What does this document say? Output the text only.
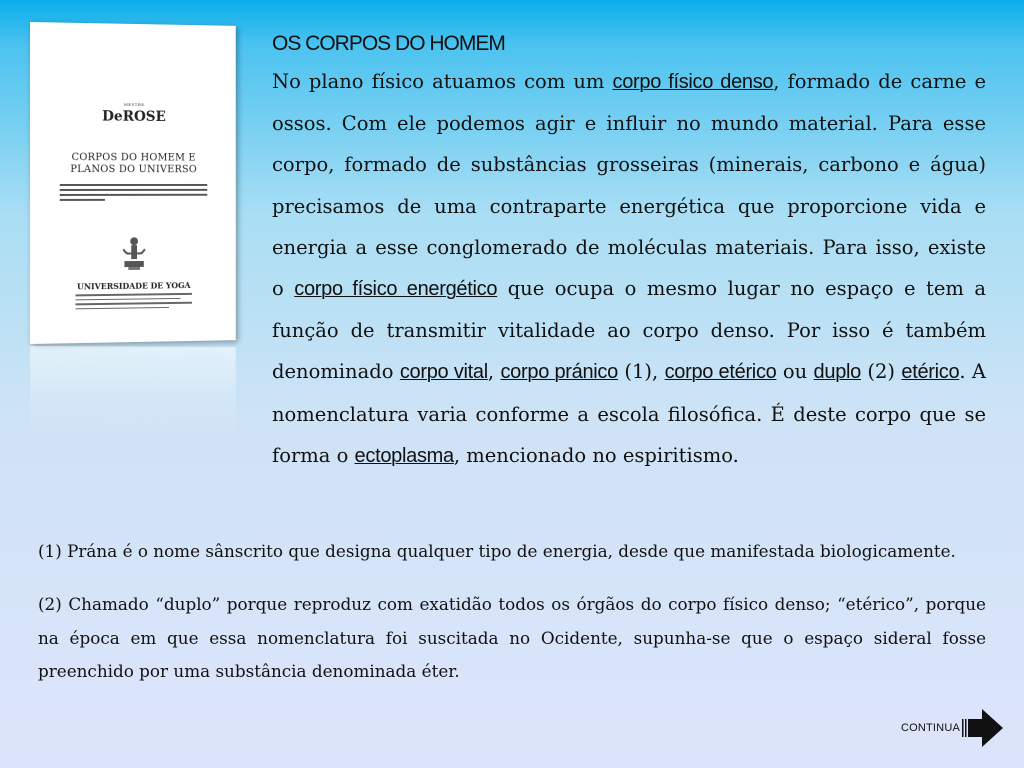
MESTRE
DeROSE
CORPOS DO HOMEM E PLANOS DO UNIVERSO
UNIVERSIDADE DE YOGA
OS CORPOS DO HOMEM

No plano físico atuamos com um corpo físico denso, formado de carne e ossos. Com ele podemos agir e influir no mundo material. Para esse corpo, formado de substâncias grosseiras (minerais, carbono e água) precisamos de uma contraparte energética que proporcione vida e energia a esse conglomerado de moléculas materiais. Para isso, existe o corpo físico energético que ocupa o mesmo lugar no espaço e tem a função de transmitir vitalidade ao corpo denso. Por isso é também denominado corpo vital, corpo pránico (1), corpo etérico ou duplo (2) etérico. A nomenclatura varia conforme a escola filosófica. É deste corpo que se forma o ectoplasma, mencionado no espiritismo.

(1) Prána é o nome sânscrito que designa qualquer tipo de energia, desde que manifestada biologicamente.

(2) Chamado “duplo” porque reproduz com exatidão todos os órgãos do corpo físico denso; “etérico”, porque na época em que essa nomenclatura foi suscitada no Ocidente, supunha-se que o espaço sideral fosse preenchido por uma substância denominada éter.

CONTINUA
